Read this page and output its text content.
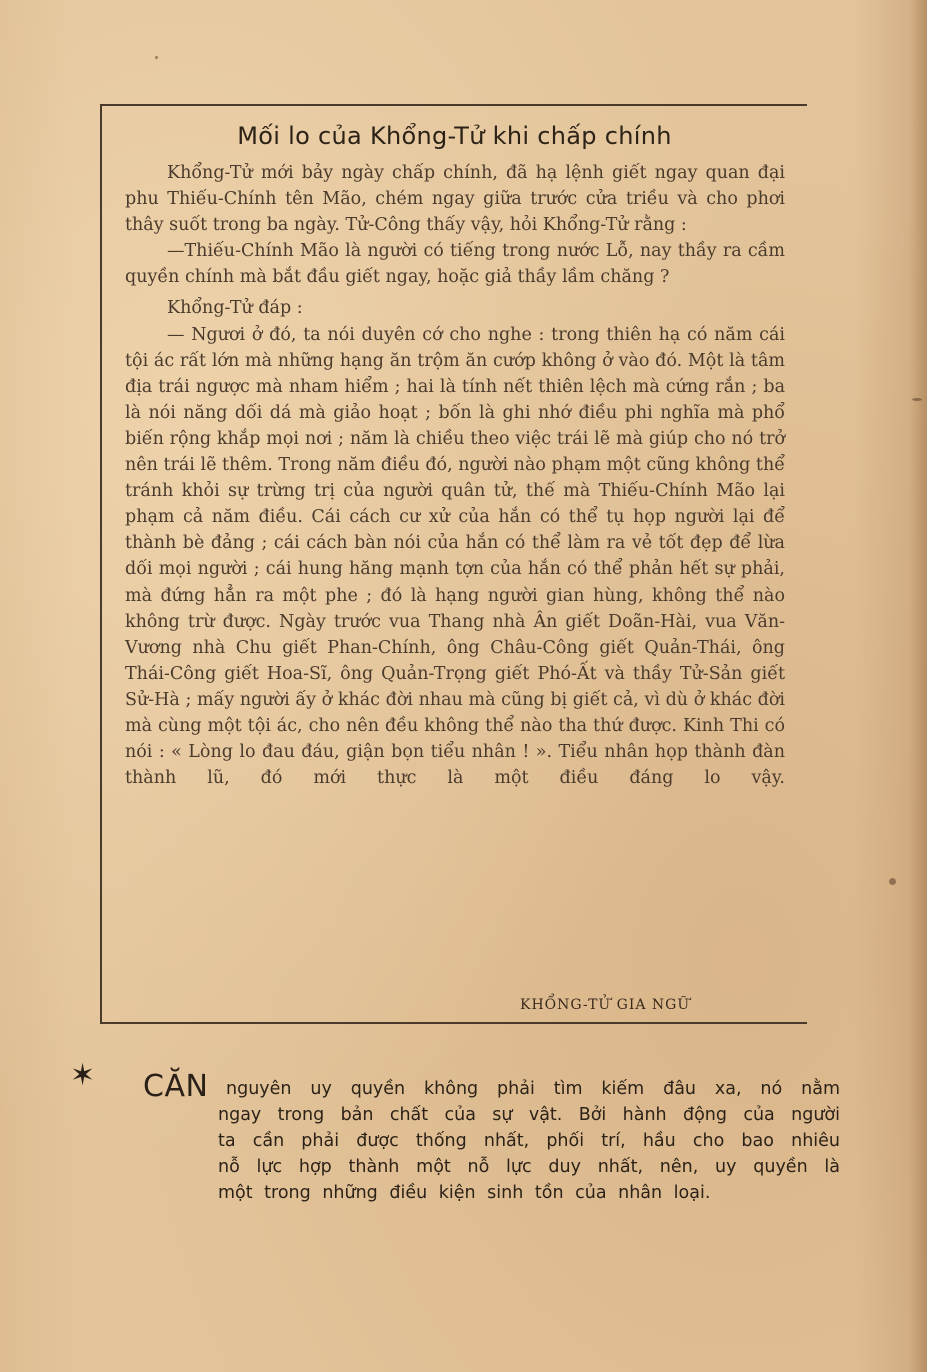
Mối lo của Khổng-Tử khi chấp chính

Khổng-Tử mới bảy ngày chấp chính, đã hạ lệnh giết ngay quan đại phu Thiếu-Chính tên Mão, chém ngay giữa trước cửa triều và cho phơi thây suốt trong ba ngày. Tử-Công thấy vậy, hỏi Khổng-Tử rằng :

—Thiếu-Chính Mão là người có tiếng trong nước Lỗ, nay thầy ra cầm quyền chính mà bắt đầu giết ngay, hoặc giả thầy lầm chăng ?

Khổng-Tử đáp :

— Ngươi ở đó, ta nói duyên cớ cho nghe : trong thiên hạ có năm cái tội ác rất lớn mà những hạng ăn trộm ăn cướp không ở vào đó. Một là tâm địa trái ngược mà nham hiểm ; hai là tính nết thiên lệch mà cứng rắn ; ba là nói năng dối dá mà giảo hoạt ; bốn là ghi nhớ điều phi nghĩa mà phổ biến rộng khắp mọi nơi ; năm là chiều theo việc trái lẽ mà giúp cho nó trở nên trái lẽ thêm. Trong năm điều đó, người nào phạm một cũng không thể tránh khỏi sự trừng trị của người quân tử, thế mà Thiếu-Chính Mão lại phạm cả năm điều. Cái cách cư xử của hắn có thể tụ họp người lại để thành bè đảng ; cái cách bàn nói của hắn có thể làm ra vẻ tốt đẹp để lừa dối mọi người ; cái hung hăng mạnh tợn của hắn có thể phản hết sự phải, mà đứng hẳn ra một phe ; đó là hạng người gian hùng, không thể nào không trừ được. Ngày trước vua Thang nhà Ân giết Doãn-Hài, vua Văn-Vương nhà Chu giết Phan-Chính, ông Châu-Công giết Quản-Thái, ông Thái-Công giết Hoa-Sĩ, ông Quản-Trọng giết Phó-Ất và thầy Tử-Sản giết Sử-Hà ; mấy người ấy ở khác đời nhau mà cũng bị giết cả, vì dù ở khác đời mà cùng một tội ác, cho nên đều không thể nào tha thứ được. Kinh Thi có nói : « Lòng lo đau đáu, giận bọn tiểu nhân ! ». Tiểu nhân họp thành đàn thành lũ, đó mới thực là một điều đáng lo vậy.

KHỔNG-TỬ GIA NGỮ
✶ CĂN nguyên uy quyền không phải tìm kiếm đâu xa, nó nằm
ngay trong bản chất của sự vật. Bởi hành động của người
ta cần phải được thống nhất, phối trí, hầu cho bao nhiêu
nỗ lực hợp thành một nỗ lực duy nhất, nên, uy quyền là
một trong những điều kiện sinh tồn của nhân loại.
